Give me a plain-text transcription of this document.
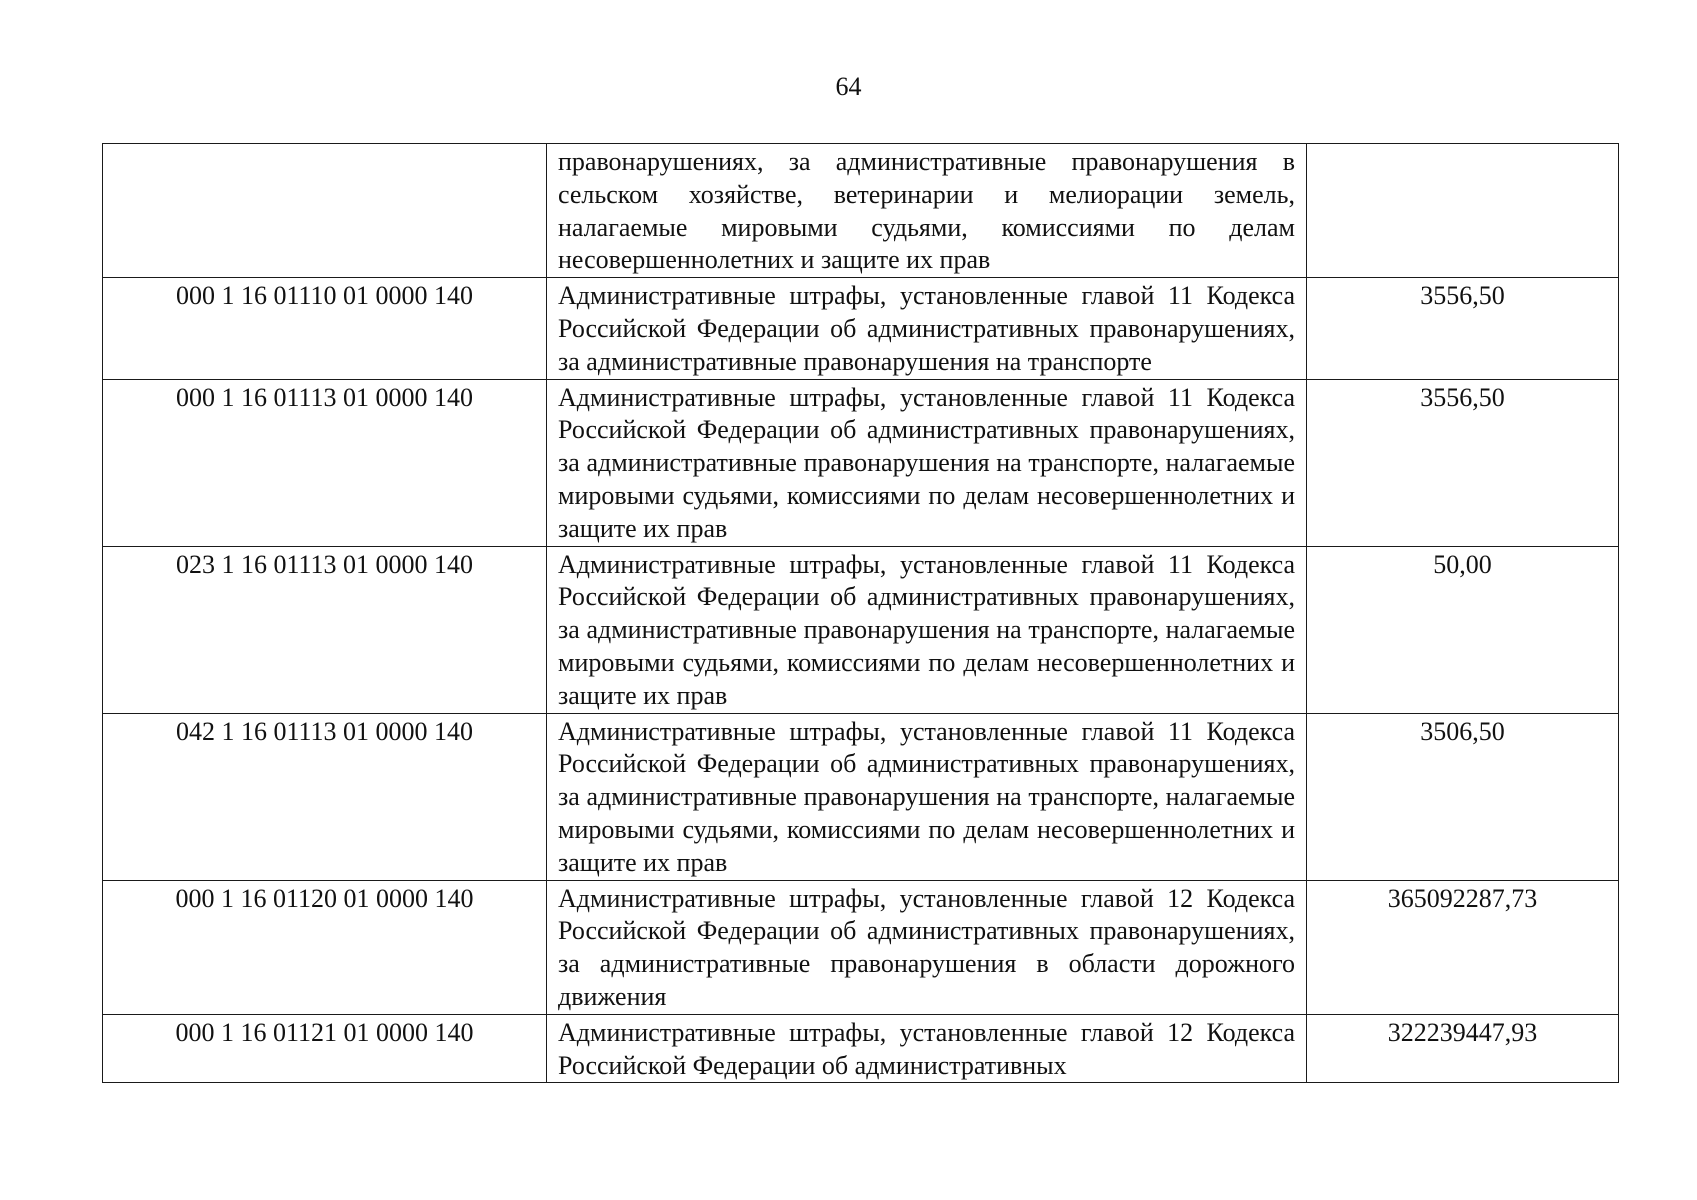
64
	правонарушениях, за административные правонарушения в сельском хозяйстве, ветеринарии и мелиорации земель, налагаемые мировыми судьями, комиссиями по делам несовершеннолетних и защите их прав	
000 1 16 01110 01 0000 140	Административные штрафы, установленные главой 11 Кодекса Российской Федерации об административных правонарушениях, за административные правонарушения на транспорте	3556,50
000 1 16 01113 01 0000 140	Административные штрафы, установленные главой 11 Кодекса Российской Федерации об административных правонарушениях, за административные правонарушения на транспорте, налагаемые мировыми судьями, комиссиями по делам несовершеннолетних и защите их прав	3556,50
023 1 16 01113 01 0000 140	Административные штрафы, установленные главой 11 Кодекса Российской Федерации об административных правонарушениях, за административные правонарушения на транспорте, налагаемые мировыми судьями, комиссиями по делам несовершеннолетних и защите их прав	50,00
042 1 16 01113 01 0000 140	Административные штрафы, установленные главой 11 Кодекса Российской Федерации об административных правонарушениях, за административные правонарушения на транспорте, налагаемые мировыми судьями, комиссиями по делам несовершеннолетних и защите их прав	3506,50
000 1 16 01120 01 0000 140	Административные штрафы, установленные главой 12 Кодекса Российской Федерации об административных правонарушениях, за административные правонарушения в области дорожного движения	365092287,73
000 1 16 01121 01 0000 140	Административные штрафы, установленные главой 12 Кодекса Российской Федерации об административных	322239447,93
